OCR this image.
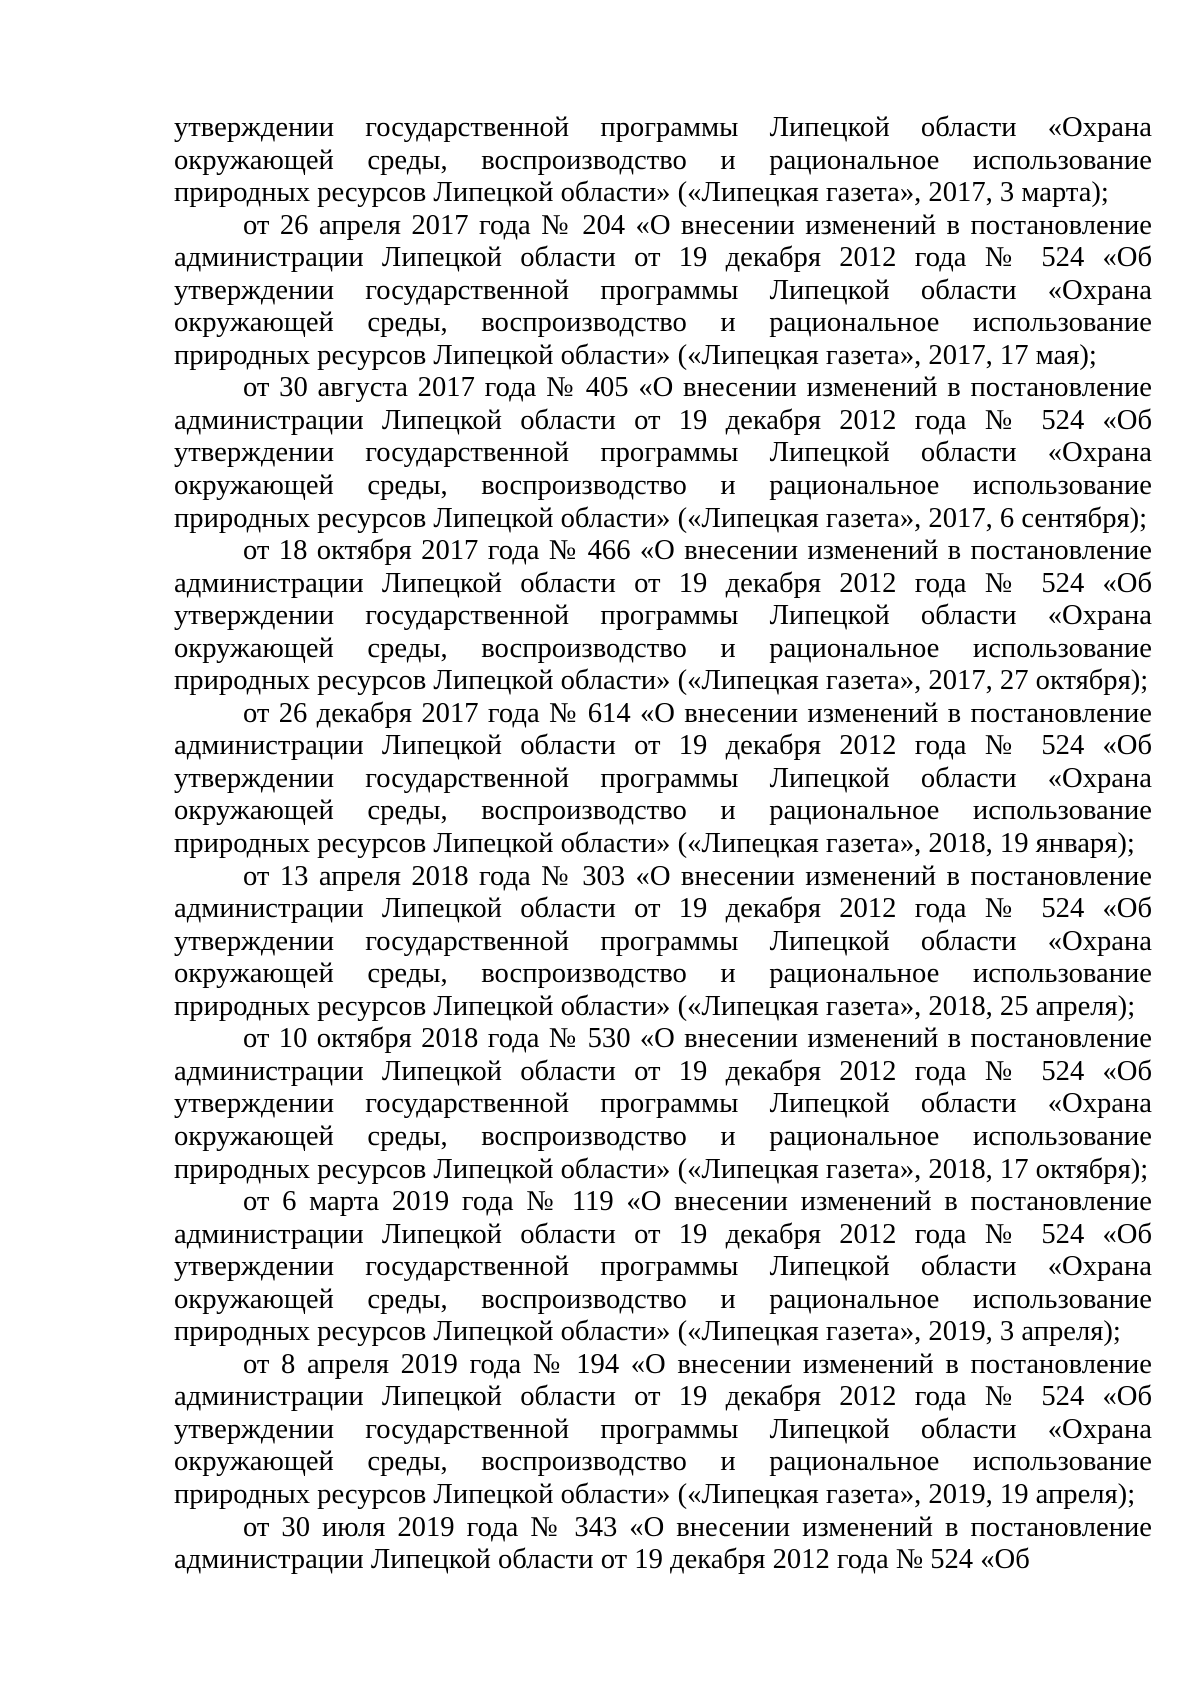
утверждении государственной программы Липецкой области «Охрана окружающей среды, воспроизводство и рациональное использование природных ресурсов Липецкой области» («Липецкая газета», 2017, 3 марта);

от 26 апреля 2017 года № 204 «О внесении изменений в постановление администрации Липецкой области от 19 декабря 2012 года № 524 «Об утверждении государственной программы Липецкой области «Охрана окружающей среды, воспроизводство и рациональное использование природных ресурсов Липецкой области» («Липецкая газета», 2017, 17 мая);

от 30 августа 2017 года № 405 «О внесении изменений в постановление администрации Липецкой области от 19 декабря 2012 года № 524 «Об утверждении государственной программы Липецкой области «Охрана окружающей среды, воспроизводство и рациональное использование природных ресурсов Липецкой области» («Липецкая газета», 2017, 6 сентября);

от 18 октября 2017 года № 466 «О внесении изменений в постановление администрации Липецкой области от 19 декабря 2012 года № 524 «Об утверждении государственной программы Липецкой области «Охрана окружающей среды, воспроизводство и рациональное использование природных ресурсов Липецкой области» («Липецкая газета», 2017, 27 октября);

от 26 декабря 2017 года № 614 «О внесении изменений в постановление администрации Липецкой области от 19 декабря 2012 года № 524 «Об утверждении государственной программы Липецкой области «Охрана окружающей среды, воспроизводство и рациональное использование природных ресурсов Липецкой области» («Липецкая газета», 2018, 19 января);

от 13 апреля 2018 года № 303 «О внесении изменений в постановление администрации Липецкой области от 19 декабря 2012 года № 524 «Об утверждении государственной программы Липецкой области «Охрана окружающей среды, воспроизводство и рациональное использование природных ресурсов Липецкой области» («Липецкая газета», 2018, 25 апреля);

от 10 октября 2018 года № 530 «О внесении изменений в постановление администрации Липецкой области от 19 декабря 2012 года № 524 «Об утверждении государственной программы Липецкой области «Охрана окружающей среды, воспроизводство и рациональное использование природных ресурсов Липецкой области» («Липецкая газета», 2018, 17 октября);

от 6 марта 2019 года № 119 «О внесении изменений в постановление администрации Липецкой области от 19 декабря 2012 года № 524 «Об утверждении государственной программы Липецкой области «Охрана окружающей среды, воспроизводство и рациональное использование природных ресурсов Липецкой области» («Липецкая газета», 2019, 3 апреля);

от 8 апреля 2019 года № 194 «О внесении изменений в постановление администрации Липецкой области от 19 декабря 2012 года № 524 «Об утверждении государственной программы Липецкой области «Охрана окружающей среды, воспроизводство и рациональное использование природных ресурсов Липецкой области» («Липецкая газета», 2019, 19 апреля);

от 30 июля 2019 года № 343 «О внесении изменений в постановление администрации Липецкой области от 19 декабря 2012 года № 524 «Об
